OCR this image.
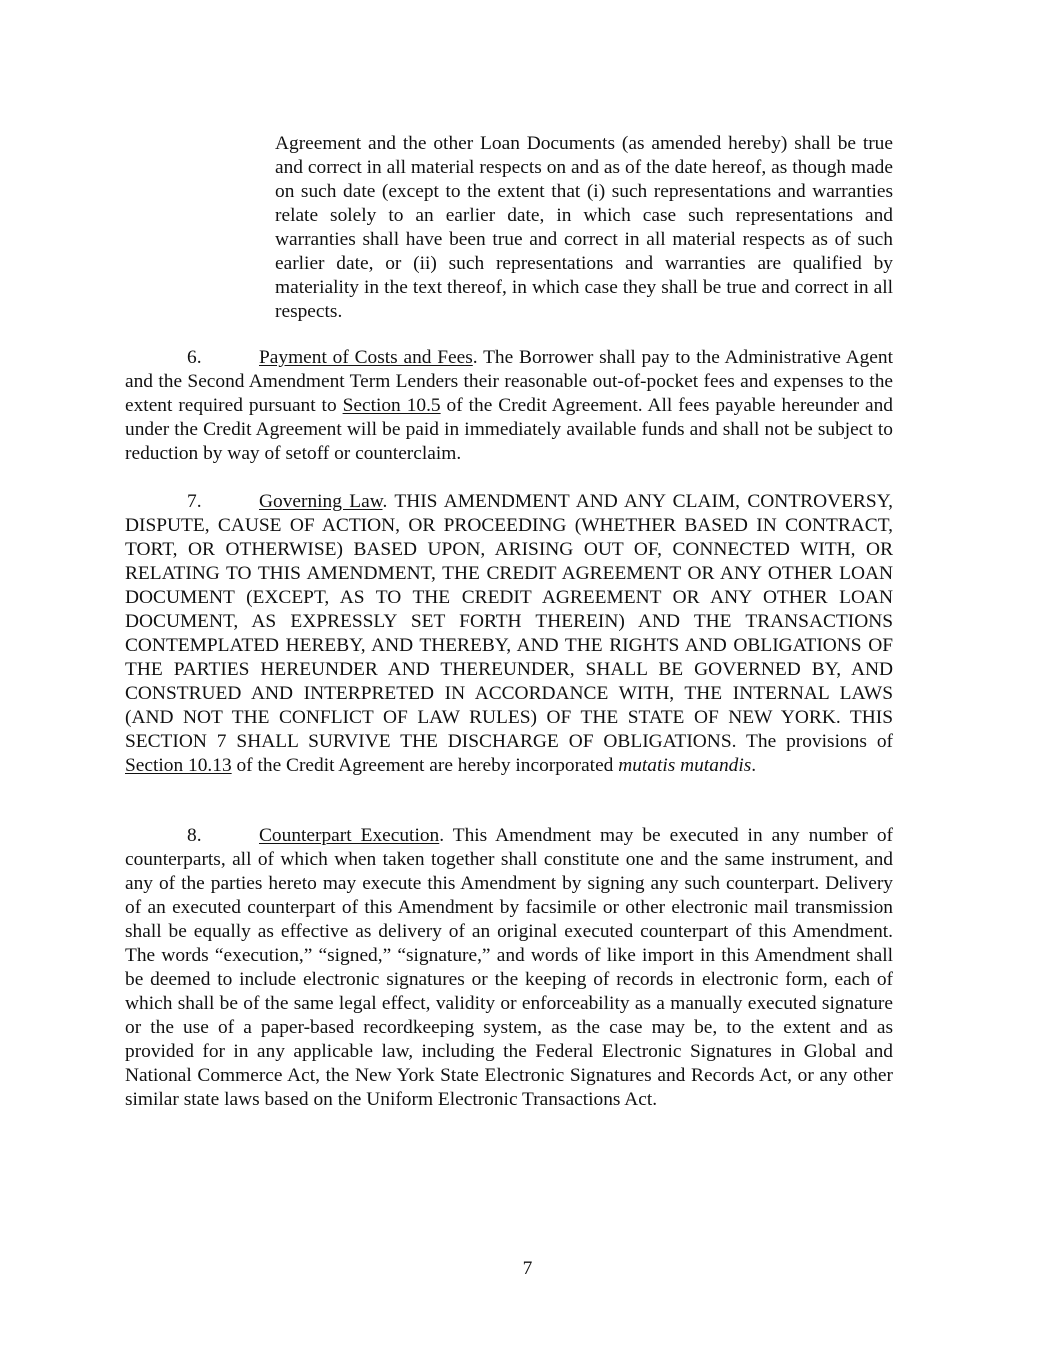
Agreement and the other Loan Documents (as amended hereby) shall be true and correct in all material respects on and as of the date hereof, as though made on such date (except to the extent that (i) such representations and warranties relate solely to an earlier date, in which case such representations and warranties shall have been true and correct in all material respects as of such earlier date, or (ii) such representations and warranties are qualified by materiality in the text thereof, in which case they shall be true and correct in all respects.
6.	Payment of Costs and Fees. The Borrower shall pay to the Administrative Agent and the Second Amendment Term Lenders their reasonable out-of-pocket fees and expenses to the extent required pursuant to Section 10.5 of the Credit Agreement. All fees payable hereunder and under the Credit Agreement will be paid in immediately available funds and shall not be subject to reduction by way of setoff or counterclaim.
7.	Governing Law. THIS AMENDMENT AND ANY CLAIM, CONTROVERSY, DISPUTE, CAUSE OF ACTION, OR PROCEEDING (WHETHER BASED IN CONTRACT, TORT, OR OTHERWISE) BASED UPON, ARISING OUT OF, CONNECTED WITH, OR RELATING TO THIS AMENDMENT, THE CREDIT AGREEMENT OR ANY OTHER LOAN DOCUMENT (EXCEPT, AS TO THE CREDIT AGREEMENT OR ANY OTHER LOAN DOCUMENT, AS EXPRESSLY SET FORTH THEREIN) AND THE TRANSACTIONS CONTEMPLATED HEREBY, AND THEREBY, AND THE RIGHTS AND OBLIGATIONS OF THE PARTIES HEREUNDER AND THEREUNDER, SHALL BE GOVERNED BY, AND CONSTRUED AND INTERPRETED IN ACCORDANCE WITH, THE INTERNAL LAWS (AND NOT THE CONFLICT OF LAW RULES) OF THE STATE OF NEW YORK. THIS SECTION 7 SHALL SURVIVE THE DISCHARGE OF OBLIGATIONS. The provisions of Section 10.13 of the Credit Agreement are hereby incorporated mutatis mutandis.
8.	Counterpart Execution. This Amendment may be executed in any number of counterparts, all of which when taken together shall constitute one and the same instrument, and any of the parties hereto may execute this Amendment by signing any such counterpart. Delivery of an executed counterpart of this Amendment by facsimile or other electronic mail transmission shall be equally as effective as delivery of an original executed counterpart of this Amendment. The words “execution,” “signed,” “signature,” and words of like import in this Amendment shall be deemed to include electronic signatures or the keeping of records in electronic form, each of which shall be of the same legal effect, validity or enforceability as a manually executed signature or the use of a paper-based recordkeeping system, as the case may be, to the extent and as provided for in any applicable law, including the Federal Electronic Signatures in Global and National Commerce Act, the New York State Electronic Signatures and Records Act, or any other similar state laws based on the Uniform Electronic Transactions Act.
7
